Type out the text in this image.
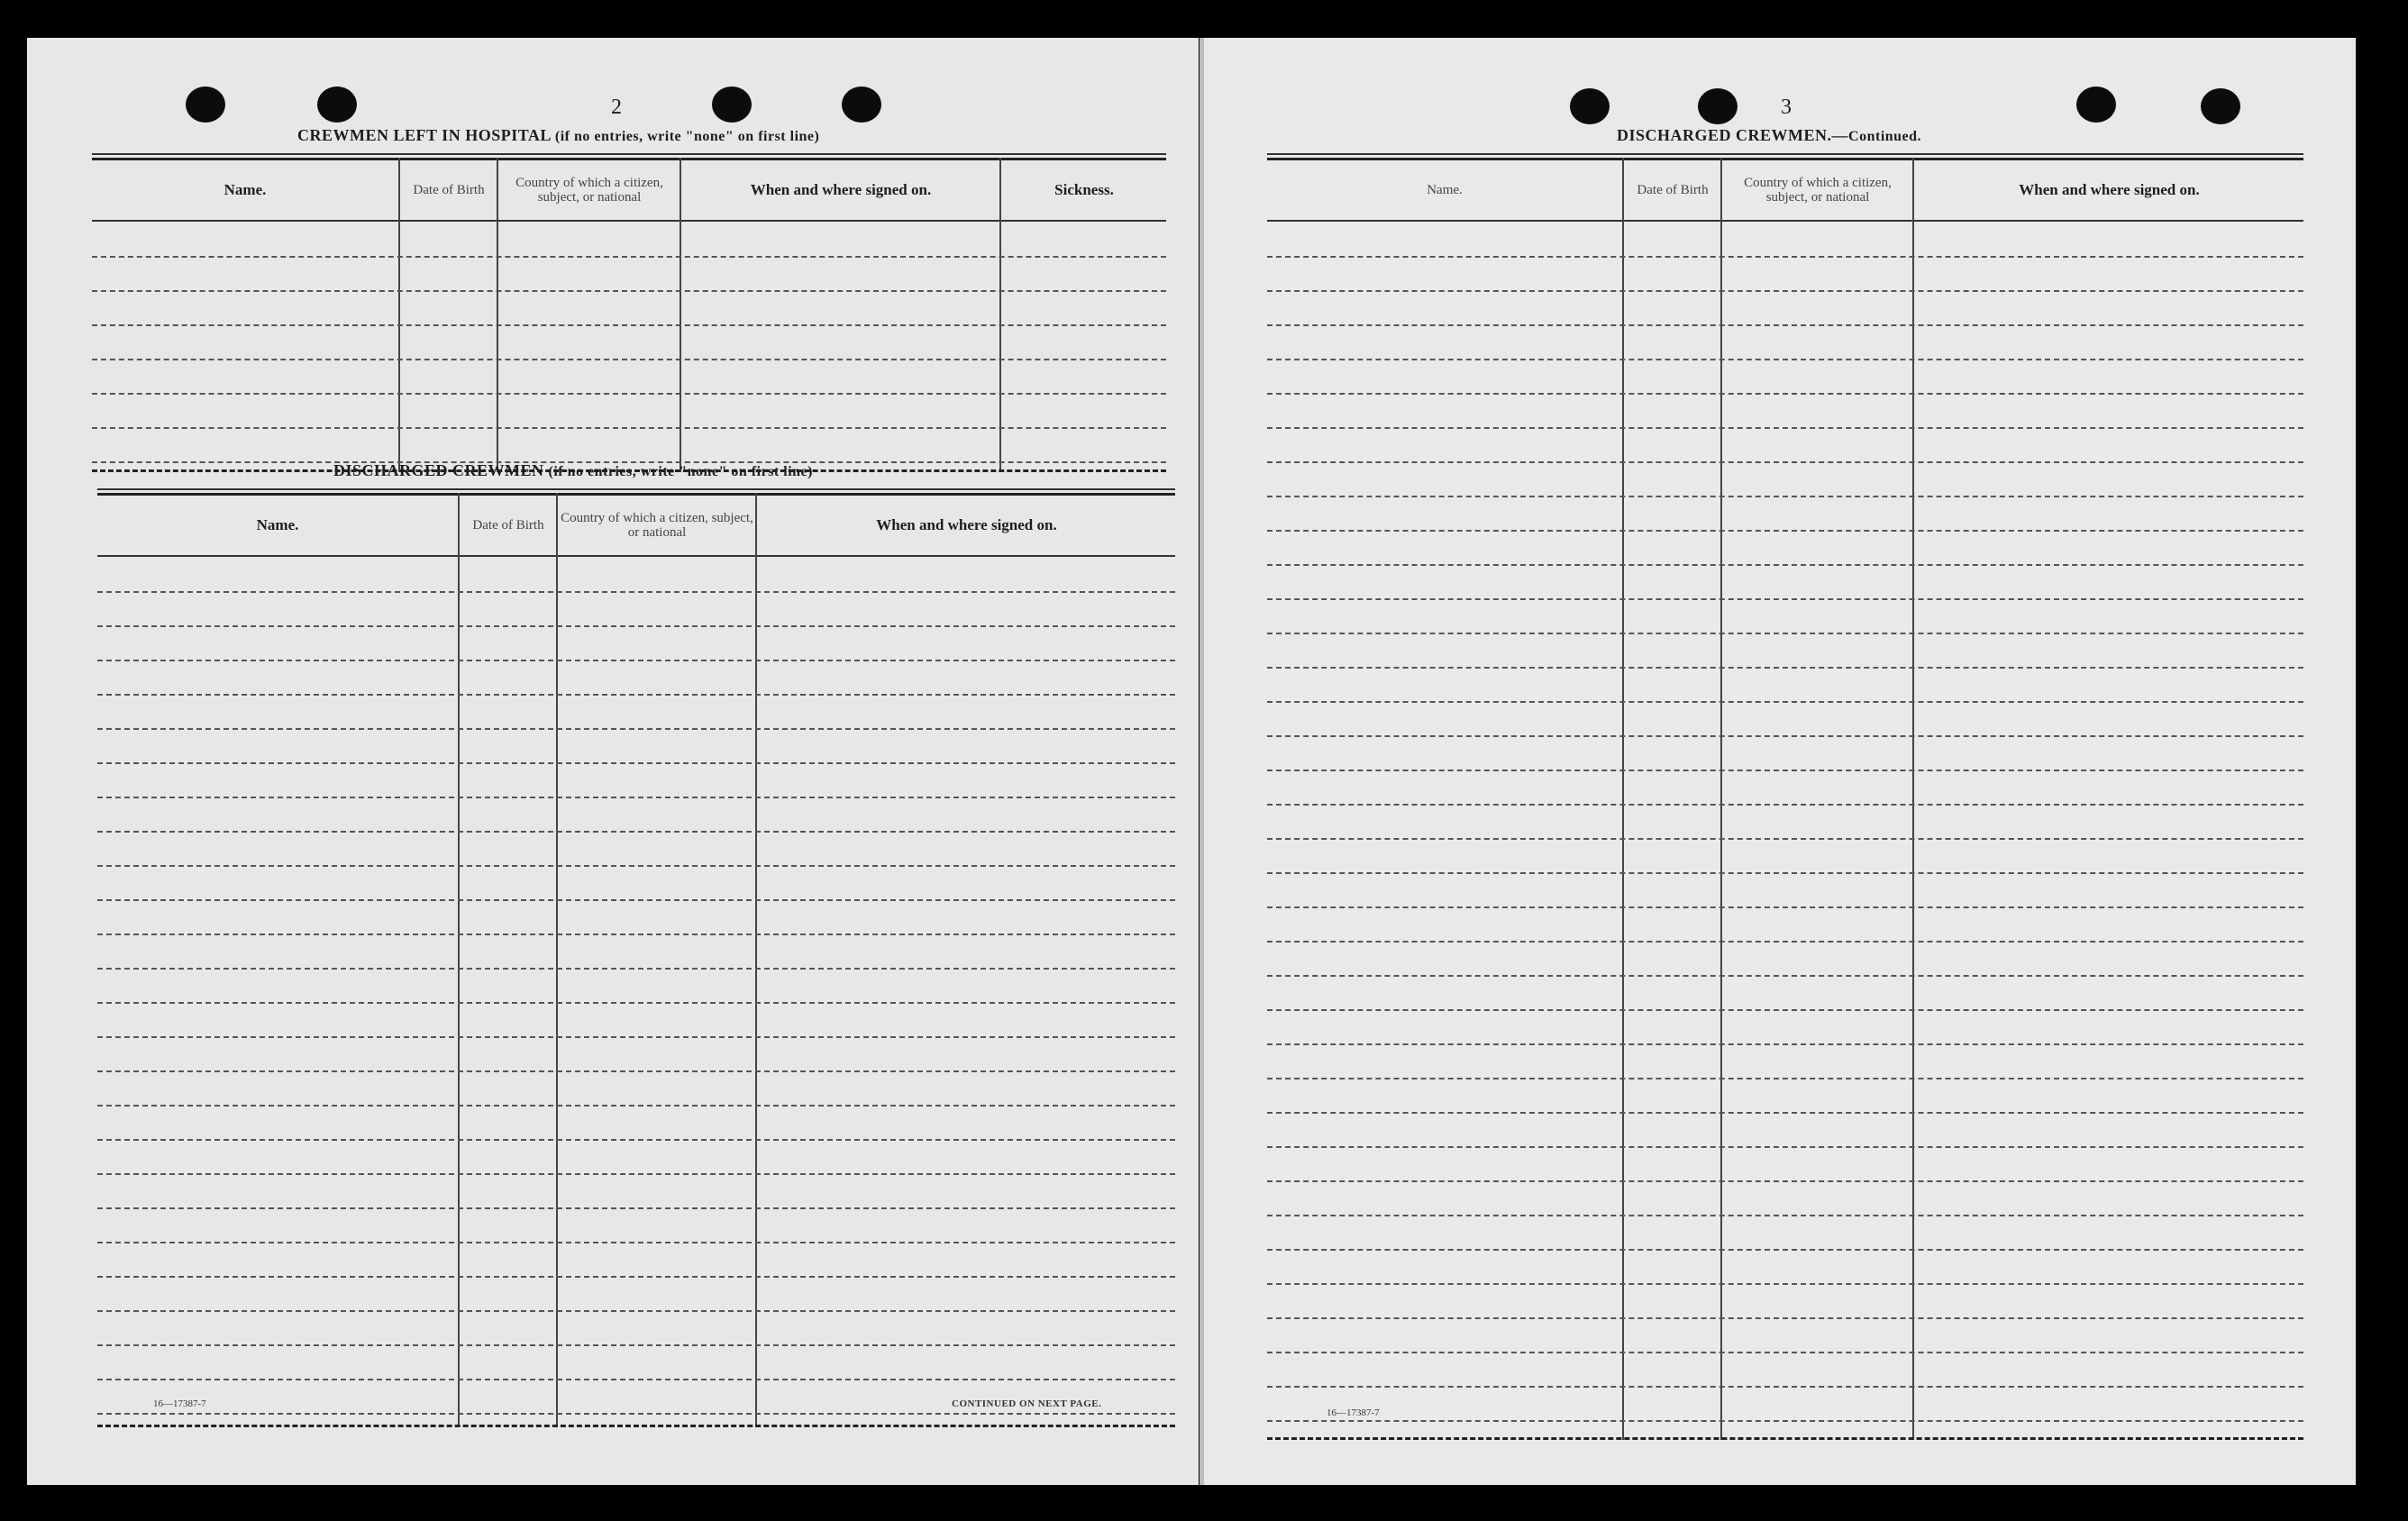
2
CREWMEN LEFT IN HOSPITAL (if no entries, write "none" on first line)
Name.	Date of Birth	Country of which a citizen, subject, or national	When and where signed on.	Sickness.
DISCHARGED CREWMEN (if no entries, write "none" on first line)
Name.	Date of Birth	Country of which a citizen, subject, or national	When and where signed on.
16—17387-7	CONTINUED ON NEXT PAGE.
3
DISCHARGED CREWMEN.—Continued.
Name.	Date of Birth	Country of which a citizen, subject, or national	When and where signed on.
16—17387-7
